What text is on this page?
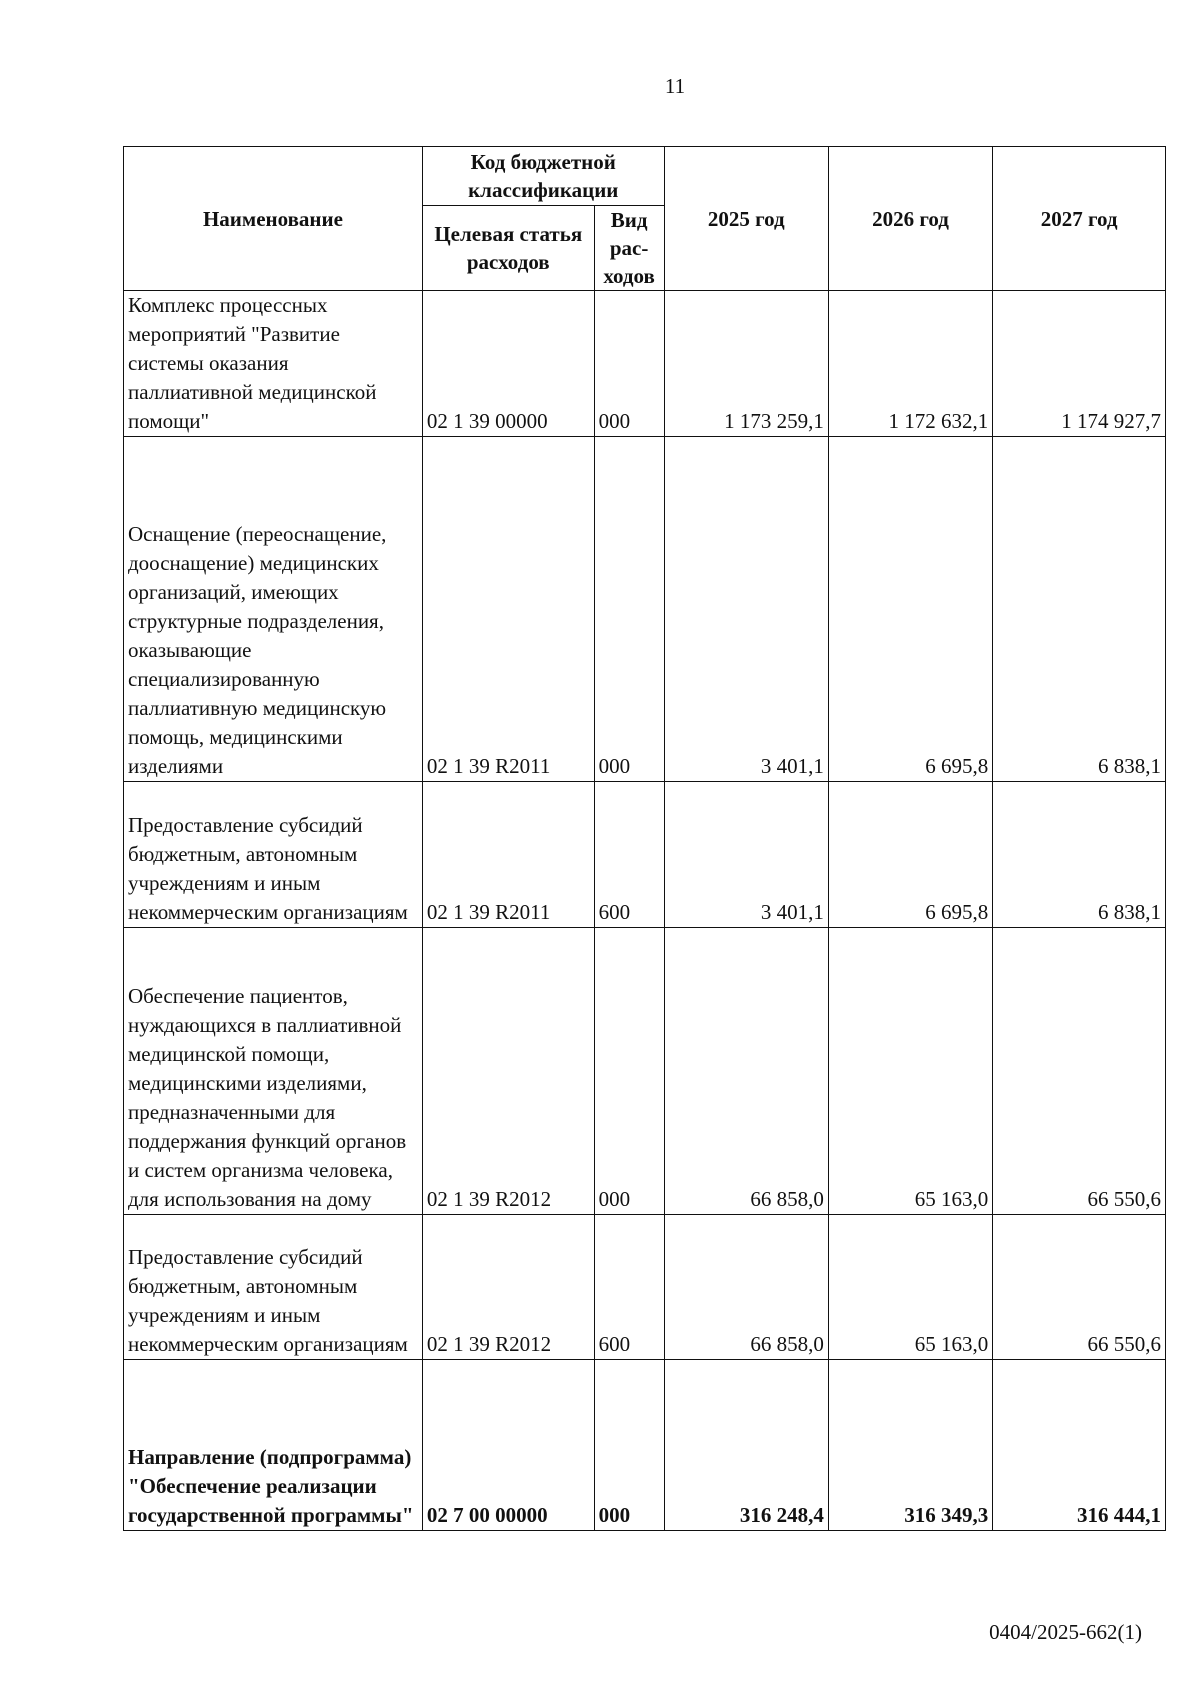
11
Наименование	Код бюджетной классификации		2025 год	2026 год	2027 год
	Целевая статья расходов	Вид рас-ходов			
Комплекс процессных мероприятий "Развитие системы оказания паллиативной медицинской помощи"	02 1 39 00000	000	1 173 259,1	1 172 632,1	1 174 927,7
Оснащение (переоснащение, дооснащение) медицинских организаций, имеющих структурные подразделения, оказывающие специализированную паллиативную медицинскую помощь, медицинскими изделиями	02 1 39 R2011	000	3 401,1	6 695,8	6 838,1
Предоставление субсидий бюджетным, автономным учреждениям и иным некоммерческим организациям	02 1 39 R2011	600	3 401,1	6 695,8	6 838,1
Обеспечение пациентов, нуждающихся в паллиативной медицинской помощи, медицинскими изделиями, предназначенными для поддержания функций органов и систем организма человека, для использования на дому	02 1 39 R2012	000	66 858,0	65 163,0	66 550,6
Предоставление субсидий бюджетным, автономным учреждениям и иным некоммерческим организациям	02 1 39 R2012	600	66 858,0	65 163,0	66 550,6
Направление (подпрограмма) "Обеспечение реализации государственной программы"	02 7 00 00000	000	316 248,4	316 349,3	316 444,1
0404/2025-662(1)
